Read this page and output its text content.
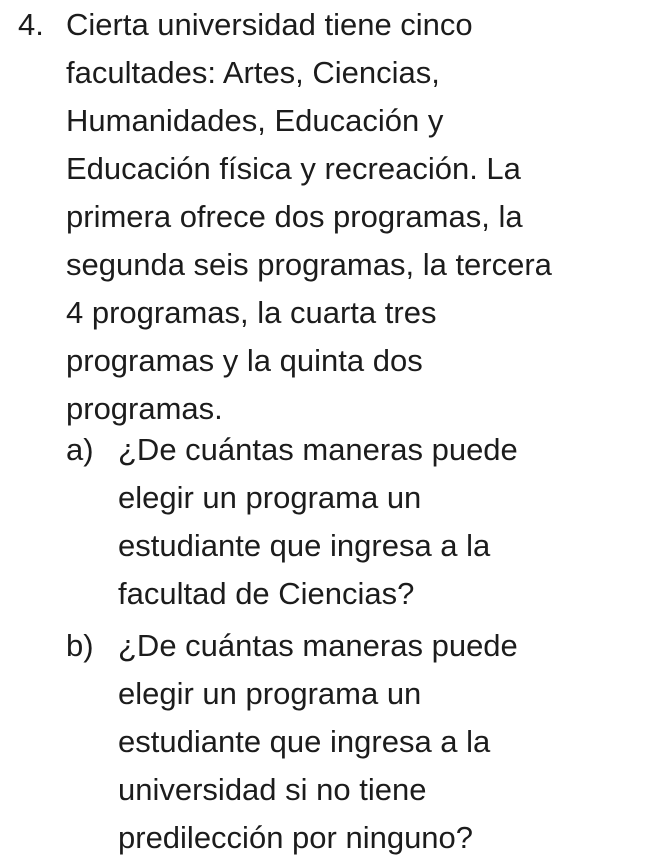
4. Cierta universidad tiene cinco
facultades: Artes, Ciencias,
Humanidades, Educación y
Educación física y recreación. La
primera ofrece dos programas, la
segunda seis programas, la tercera
4 programas, la cuarta tres
programas y la quinta dos
programas.
a) ¿De cuántas maneras puede
elegir un programa un
estudiante que ingresa a la
facultad de Ciencias?
b) ¿De cuántas maneras puede
elegir un programa un
estudiante que ingresa a la
universidad si no tiene
predilección por ninguno?
